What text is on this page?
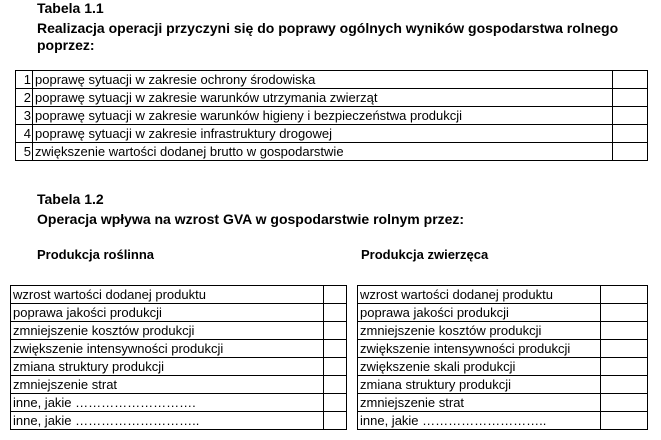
Tabela 1.1
Realizacja operacji przyczyni się do poprawy ogólnych wyników gospodarstwa rolnego poprzez:
1	poprawę sytuacji w zakresie ochrony środowiska	
2	poprawę sytuacji w zakresie warunków utrzymania zwierząt	
3	poprawę sytuacji w zakresie warunków higieny i bezpieczeństwa produkcji	
4	poprawę sytuacji w zakresie infrastruktury drogowej	
5	zwiększenie wartości dodanej brutto w gospodarstwie	
Tabela 1.2
Operacja wpływa na wzrost GVA w gospodarstwie rolnym przez:
Produkcja roślinna	Produkcja zwierzęca
wzrost wartości dodanej produktu	
poprawa jakości produkcji	
zmniejszenie kosztów produkcji	
zwiększenie intensywności produkcji	
zmiana struktury produkcji	
zmniejszenie strat	
inne, jakie ……………………….	
inne, jakie ………………………..	
wzrost wartości dodanej produktu	
poprawa jakości produkcji	
zmniejszenie kosztów produkcji	
zwiększenie intensywności produkcji	
zwiększenie skali produkcji	
zmiana struktury produkcji	
zmniejszenie strat	
inne, jakie ………………………..	
